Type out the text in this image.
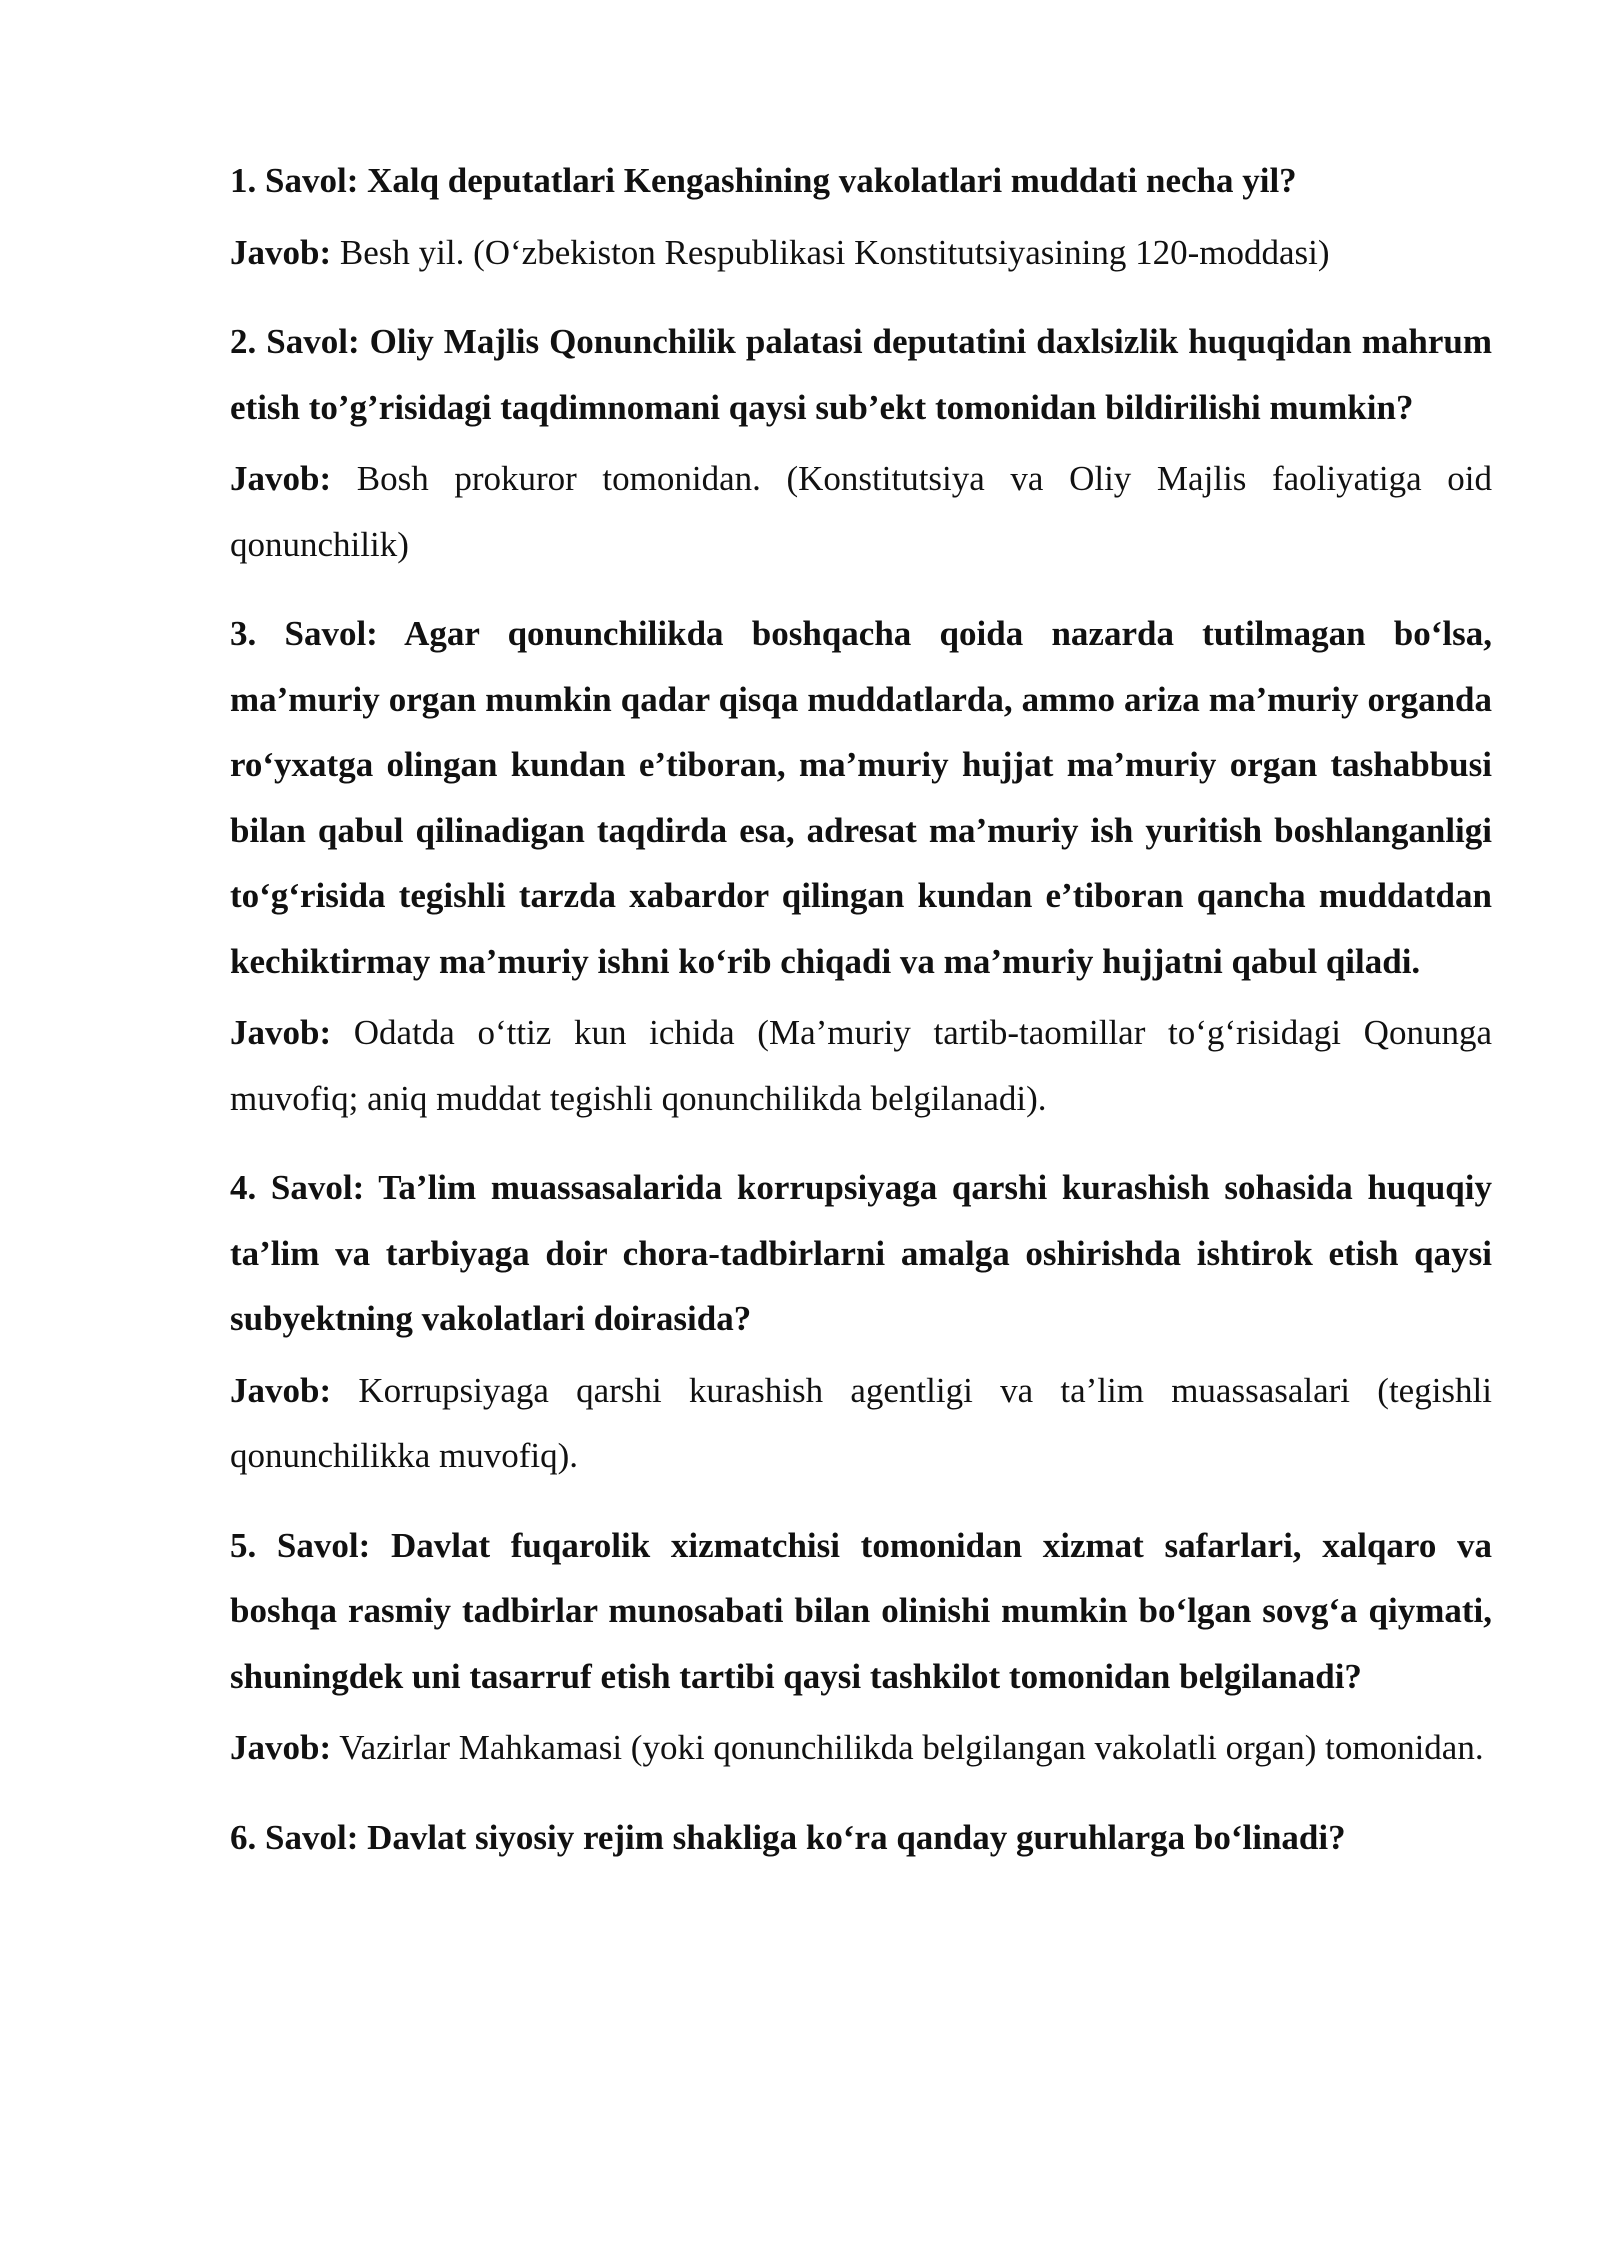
1. Savol: Xalq deputatlari Kengashining vakolatlari muddati necha yil?

Javob: Besh yil. (O‘zbekiston Respublikasi Konstitutsiyasining 120-moddasi)

2. Savol: Oliy Majlis Qonunchilik palatasi deputatini daxlsizlik huquqidan mahrum etish to’g’risidagi taqdimnomani qaysi sub’ekt tomonidan bildirilishi mumkin?

Javob: Bosh prokuror tomonidan. (Konstitutsiya va Oliy Majlis faoliyatiga oid qonunchilik)

3. Savol: Agar qonunchilikda boshqacha qoida nazarda tutilmagan bo‘lsa, ma’muriy organ mumkin qadar qisqa muddatlarda, ammo ariza ma’muriy organda ro‘yxatga olingan kundan e’tiboran, ma’muriy hujjat ma’muriy organ tashabbusi bilan qabul qilinadigan taqdirda esa, adresat ma’muriy ish yuritish boshlanganligi to‘g‘risida tegishli tarzda xabardor qilingan kundan e’tiboran qancha muddatdan kechiktirmay ma’muriy ishni ko‘rib chiqadi va ma’muriy hujjatni qabul qiladi.

Javob: Odatda o‘ttiz kun ichida (Ma’muriy tartib-taomillar to‘g‘risidagi Qonunga muvofiq; aniq muddat tegishli qonunchilikda belgilanadi).

4. Savol: Ta’lim muassasalarida korrupsiyaga qarshi kurashish sohasida huquqiy ta’lim va tarbiyaga doir chora-tadbirlarni amalga oshirishda ishtirok etish qaysi subyektning vakolatlari doirasida?

Javob: Korrupsiyaga qarshi kurashish agentligi va ta’lim muassasalari (tegishli qonunchilikka muvofiq).

5. Savol: Davlat fuqarolik xizmatchisi tomonidan xizmat safarlari, xalqaro va boshqa rasmiy tadbirlar munosabati bilan olinishi mumkin bo‘lgan sovg‘a qiymati, shuningdek uni tasarruf etish tartibi qaysi tashkilot tomonidan belgilanadi?

Javob: Vazirlar Mahkamasi (yoki qonunchilikda belgilangan vakolatli organ) tomonidan.

6. Savol: Davlat siyosiy rejim shakliga ko‘ra qanday guruhlarga bo‘linadi?
